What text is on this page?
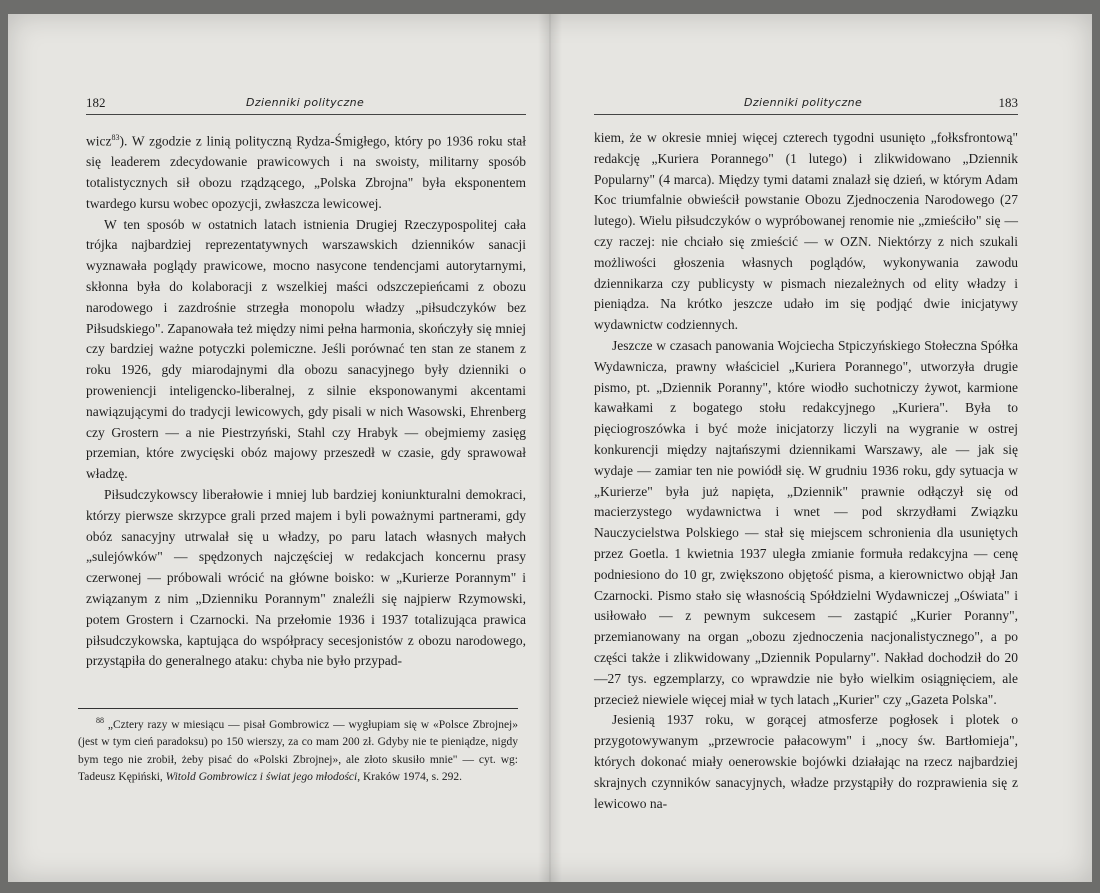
182	Dzienniki polityczne

wicz$^{83}$). W zgodzie z linią polityczną Rydza-Śmigłego, który po 1936 roku stał się leaderem zdecydowanie prawicowych i na swoisty, militarny sposób totalistycznych sił obozu rządzącego, „Polska Zbrojna" była eksponentem twardego kursu wobec opozycji, zwłaszcza lewicowej.

W ten sposób w ostatnich latach istnienia Drugiej Rzeczypospolitej cała trójka najbardziej reprezentatywnych warszawskich dzienników sanacji wyznawała poglądy prawicowe, mocno nasycone tendencjami autorytarnymi, skłonna była do kolaboracji z wszelkiej maści odszczepieńcami z obozu narodowego i zazdrośnie strzegła monopolu władzy „piłsudczyków bez Piłsudskiego". Zapanowała też między nimi pełna harmonia, skończyły się mniej czy bardziej ważne potyczki polemiczne. Jeśli porównać ten stan ze stanem z roku 1926, gdy miarodajnymi dla obozu sanacyjnego były dzienniki o proweniencji inteligencko-liberalnej, z silnie eksponowanymi akcentami nawiązującymi do tradycji lewicowych, gdy pisali w nich Wasowski, Ehrenberg czy Grostern — a nie Piestrzyński, Stahl czy Hrabyk — obejmiemy zasięg przemian, które zwycięski obóz majowy przeszedł w czasie, gdy sprawował władzę.

Piłsudczykowscy liberałowie i mniej lub bardziej koniunkturalni demokraci, którzy pierwsze skrzypce grali przed majem i byli poważnymi partnerami, gdy obóz sanacyjny utrwalał się u władzy, po paru latach własnych małych „sulejówków" — spędzonych najczęściej w redakcjach koncernu prasy czerwonej — próbowali wrócić na główne boisko: w „Kurierze Porannym" i związanym z nim „Dzienniku Porannym" znaleźli się najpierw Rzymowski, potem Grostern i Czarnocki. Na przełomie 1936 i 1937 totalizująca prawica piłsudczykowska, kaptująca do współpracy secesjonistów z obozu narodowego, przystąpiła do generalnego ataku: chyba nie było przypad-

$^{88}$ „Cztery razy w miesiącu — pisał Gombrowicz — wygłupiam się w «Polsce Zbrojnej» (jest w tym cień paradoksu) po 150 wierszy, za co mam 200 zł. Gdyby nie te pieniądze, nigdy bym tego nie zrobił, żeby pisać do «Polski Zbrojnej», ale złoto skusiło mnie" — cyt. wg: Tadeusz Kępiński, Witold Gombrowicz i świat jego młodości, Kraków 1974, s. 292.
Dzienniki polityczne	183

kiem, że w okresie mniej więcej czterech tygodni usunięto „fołksfrontową" redakcję „Kuriera Porannego" (1 lutego) i zlikwidowano „Dziennik Popularny" (4 marca). Między tymi datami znalazł się dzień, w którym Adam Koc triumfalnie obwieścił powstanie Obozu Zjednoczenia Narodowego (27 lutego). Wielu piłsudczyków o wypróbowanej renomie nie „zmieściło" się — czy raczej: nie chciało się zmieścić — w OZN. Niektórzy z nich szukali możliwości głoszenia własnych poglądów, wykonywania zawodu dziennikarza czy publicysty w pismach niezależnych od elity władzy i pieniądza. Na krótko jeszcze udało im się podjąć dwie inicjatywy wydawnictw codziennych.

Jeszcze w czasach panowania Wojciecha Stpiczyńskiego Stołeczna Spółka Wydawnicza, prawny właściciel „Kuriera Porannego", utworzyła drugie pismo, pt. „Dziennik Poranny", które wiodło suchotniczy żywot, karmione kawałkami z bogatego stołu redakcyjnego „Kuriera". Była to pięciogroszówka i być może inicjatorzy liczyli na wygranie w ostrej konkurencji między najtańszymi dziennikami Warszawy, ale — jak się wydaje — zamiar ten nie powiódł się. W grudniu 1936 roku, gdy sytuacja w „Kurierze" była już napięta, „Dziennik" prawnie odłączył się od macierzystego wydawnictwa i wnet — pod skrzydłami Związku Nauczycielstwa Polskiego — stał się miejscem schronienia dla usuniętych przez Goetla. 1 kwietnia 1937 uległa zmianie formuła redakcyjna — cenę podniesiono do 10 gr, zwiększono objętość pisma, a kierownictwo objął Jan Czarnocki. Pismo stało się własnością Spółdzielni Wydawniczej „Oświata" i usiłowało — z pewnym sukcesem — zastąpić „Kurier Poranny", przemianowany na organ „obozu zjednoczenia nacjonalistycznego", a po części także i zlikwidowany „Dziennik Popularny". Nakład dochodził do 20—27 tys. egzemplarzy, co wprawdzie nie było wielkim osiągnięciem, ale przecież niewiele więcej miał w tych latach „Kurier" czy „Gazeta Polska".

Jesienią 1937 roku, w gorącej atmosferze pogłosek i plotek o przygotowywanym „przewrocie pałacowym" i „nocy św. Bartłomieja", których dokonać miały oenerowskie bojówki działając na rzecz najbardziej skrajnych czynników sanacyjnych, władze przystąpiły do rozprawienia się z lewicowo na-
